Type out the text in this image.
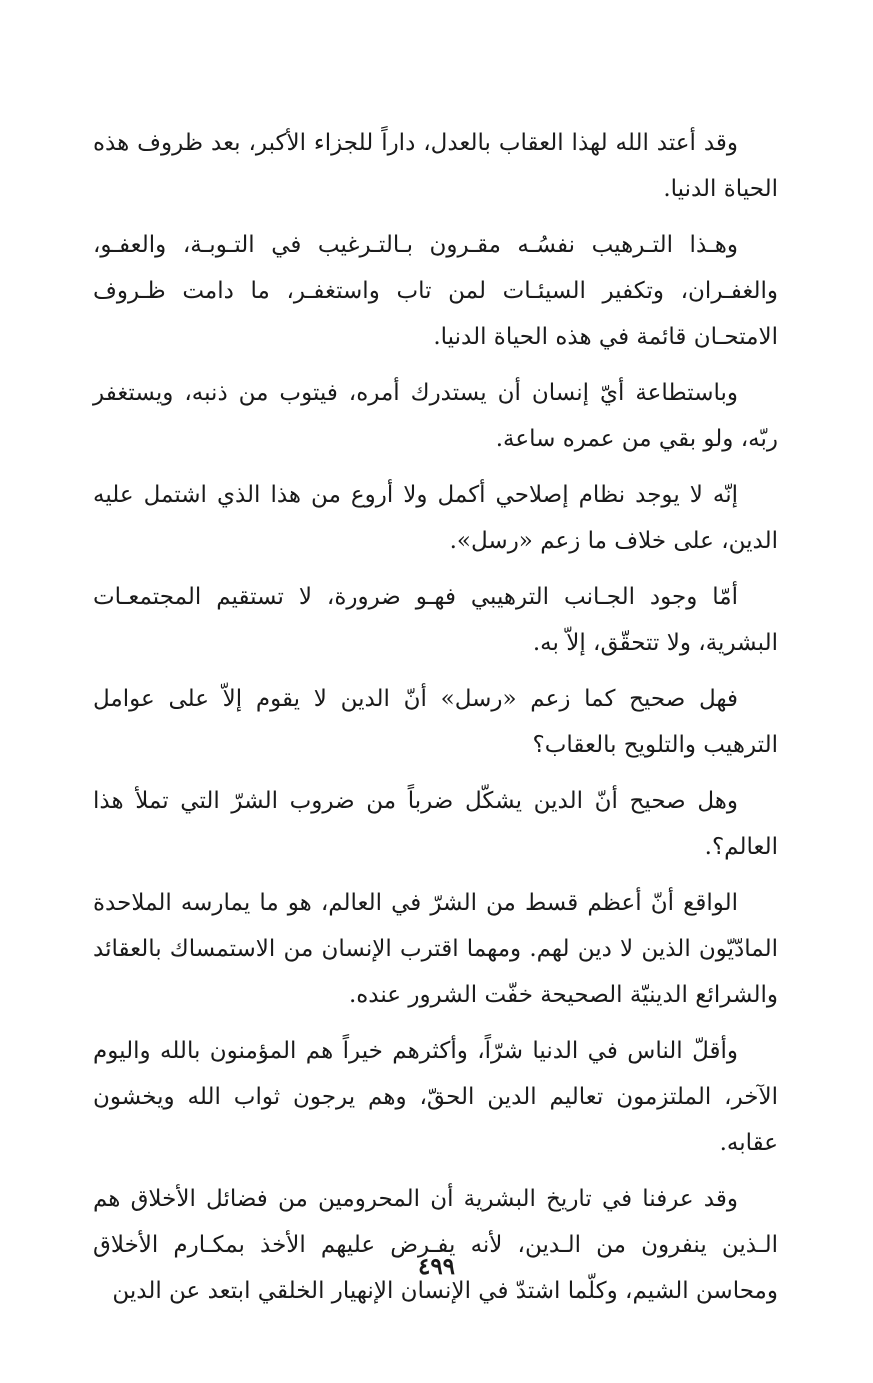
وقد أعتد الله لهذا العقاب بالعدل، داراً للجزاء الأكبر، بعد ظروف هذه الحياة الدنيا.

وهـذا التـرهيب نفسُـه مقـرون بـالتـرغيب في التـوبـة، والعفـو، والغفـران، وتكفير السيئـات لمن تاب واستغفـر، ما دامت ظـروف الامتحـان قائمة في هذه الحياة الدنيا.

وباستطاعة أيّ إنسان أن يستدرك أمره، فيتوب من ذنبه، ويستغفر ربّه، ولو بقي من عمره ساعة.

إنّه لا يوجد نظام إصلاحي أكمل ولا أروع من هذا الذي اشتمل عليه الدين، على خلاف ما زعم «رسل».

أمّا وجود الجـانب الترهيبي فهـو ضرورة، لا تستقيم المجتمعـات البشرية، ولا تتحقّق، إلاّ به.

فهل صحيح كما زعم «رسل» أنّ الدين لا يقوم إلاّ على عوامل الترهيب والتلويح بالعقاب؟

وهل صحيح أنّ الدين يشكّل ضرباً من ضروب الشرّ التي تملأ هذا العالم؟.

الواقع أنّ أعظم قسط من الشرّ في العالم، هو ما يمارسه الملاحدة المادّيّون الذين لا دين لهم. ومهما اقترب الإنسان من الاستمساك بالعقائد والشرائع الدينيّة الصحيحة خفّت الشرور عنده.

وأقلّ الناس في الدنيا شرّاً، وأكثرهم خيراً هم المؤمنون بالله واليوم الآخر، الملتزمون تعاليم الدين الحقّ، وهم يرجون ثواب الله ويخشون عقابه.

وقد عرفنا في تاريخ البشرية أن المحرومين من فضائل الأخلاق هم الـذين ينفرون من الـدين، لأنه يفـرض عليهم الأخذ بمكـارم الأخلاق ومحاسن الشيم، وكلّما اشتدّ في الإنسان الإنهيار الخلقي ابتعد عن الدين

٤٩٩
